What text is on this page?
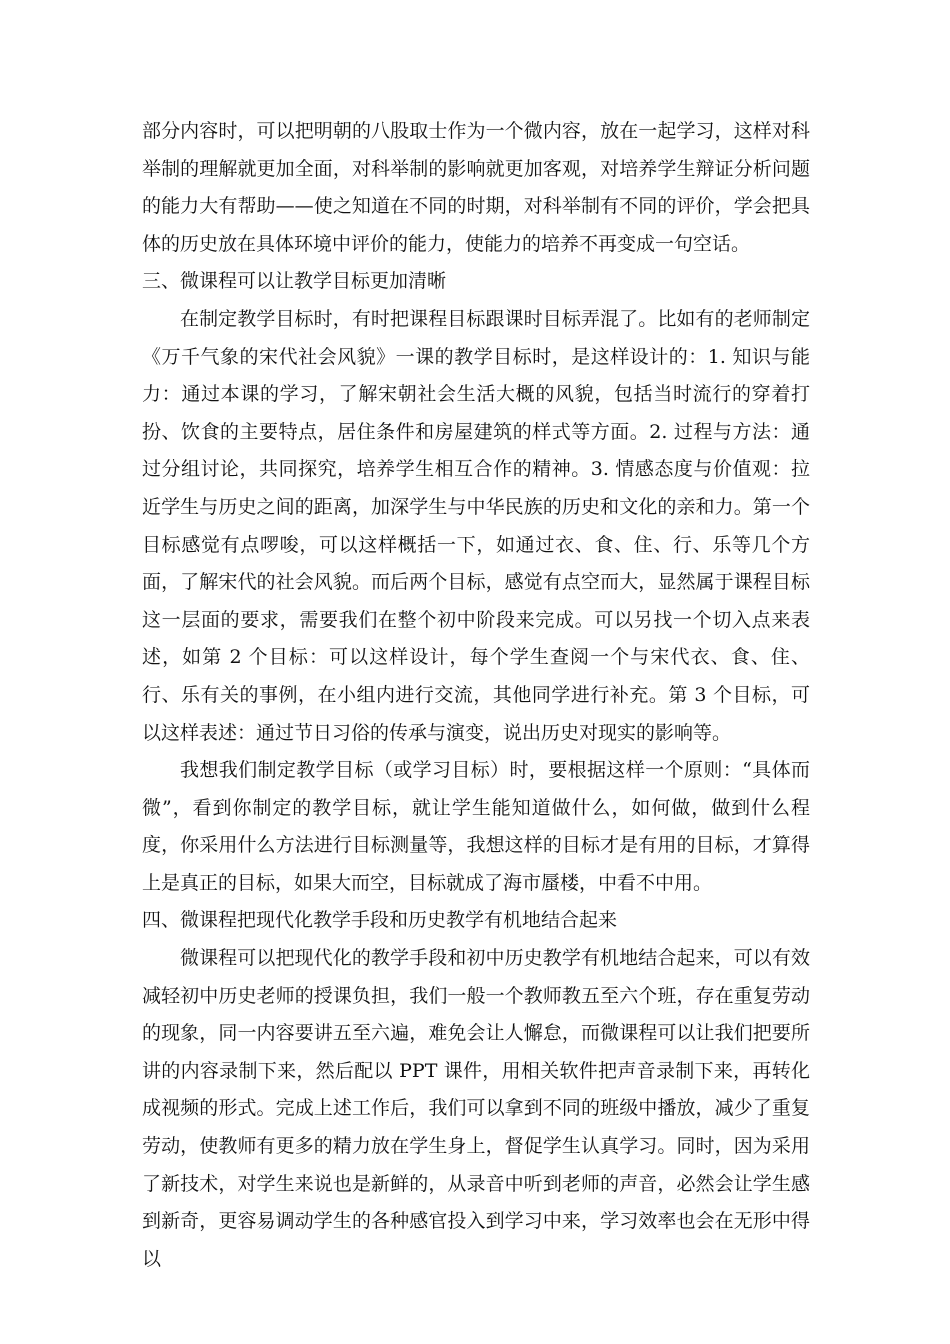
部分内容时，可以把明朝的八股取士作为一个微内容，放在一起学习，这样对科举制的理解就更加全面，对科举制的影响就更加客观，对培养学生辩证分析问题的能力大有帮助——使之知道在不同的时期，对科举制有不同的评价，学会把具体的历史放在具体环境中评价的能力，使能力的培养不再变成一句空话。

三、微课程可以让教学目标更加清晰

在制定教学目标时，有时把课程目标跟课时目标弄混了。比如有的老师制定《万千气象的宋代社会风貌》一课的教学目标时，是这样设计的：1. 知识与能力：通过本课的学习，了解宋朝社会生活大概的风貌，包括当时流行的穿着打扮、饮食的主要特点，居住条件和房屋建筑的样式等方面。2. 过程与方法：通过分组讨论，共同探究，培养学生相互合作的精神。3. 情感态度与价值观：拉近学生与历史之间的距离，加深学生与中华民族的历史和文化的亲和力。第一个目标感觉有点啰唆，可以这样概括一下，如通过衣、食、住、行、乐等几个方面，了解宋代的社会风貌。而后两个目标，感觉有点空而大，显然属于课程目标这一层面的要求，需要我们在整个初中阶段来完成。可以另找一个切入点来表述，如第 2 个目标：可以这样设计，每个学生查阅一个与宋代衣、食、住、行、乐有关的事例，在小组内进行交流，其他同学进行补充。第 3 个目标，可以这样表述：通过节日习俗的传承与演变，说出历史对现实的影响等。

我想我们制定教学目标（或学习目标）时，要根据这样一个原则：“具体而微”，看到你制定的教学目标，就让学生能知道做什么，如何做，做到什么程度，你采用什么方法进行目标测量等，我想这样的目标才是有用的目标，才算得上是真正的目标，如果大而空，目标就成了海市蜃楼，中看不中用。

四、微课程把现代化教学手段和历史教学有机地结合起来

微课程可以把现代化的教学手段和初中历史教学有机地结合起来，可以有效减轻初中历史老师的授课负担，我们一般一个教师教五至六个班，存在重复劳动的现象，同一内容要讲五至六遍，难免会让人懈怠，而微课程可以让我们把要所讲的内容录制下来，然后配以 PPT 课件，用相关软件把声音录制下来，再转化成视频的形式。完成上述工作后，我们可以拿到不同的班级中播放，减少了重复劳动，使教师有更多的精力放在学生身上，督促学生认真学习。同时，因为采用了新技术，对学生来说也是新鲜的，从录音中听到老师的声音，必然会让学生感到新奇，更容易调动学生的各种感官投入到学习中来，学习效率也会在无形中得以
